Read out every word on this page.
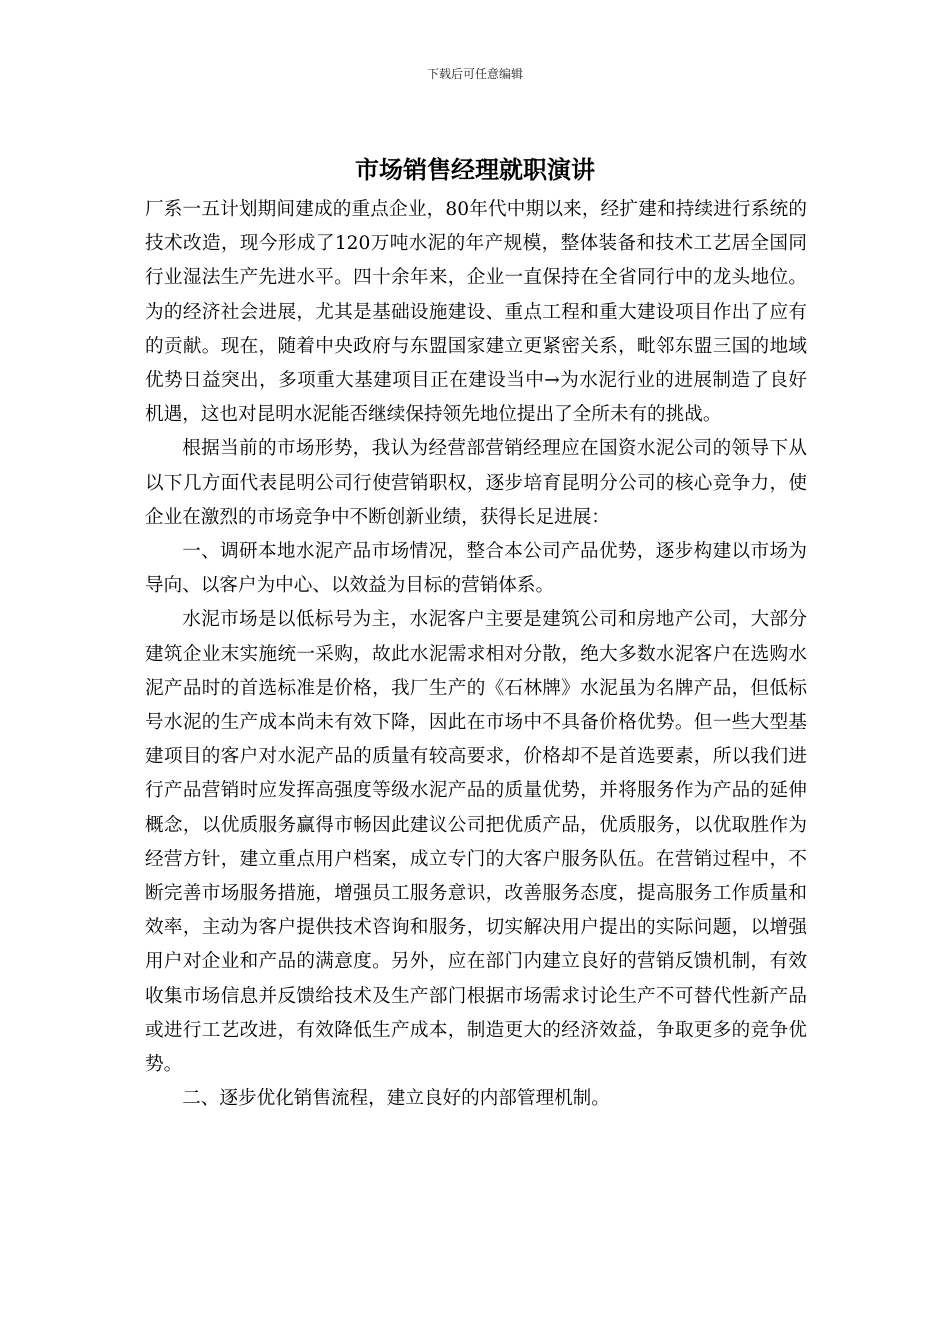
下载后可任意编辑
市场销售经理就职演讲

厂系一五计划期间建成的重点企业，80年代中期以来，经扩建和持续进行系统的技术改造，现今形成了120万吨水泥的年产规模，整体装备和技术工艺居全国同行业湿法生产先进水平。四十余年来，企业一直保持在全省同行中的龙头地位。为的经济社会进展，尤其是基础设施建设、重点工程和重大建设项目作出了应有的贡献。现在，随着中央政府与东盟国家建立更紧密关系，毗邻东盟三国的地域优势日益突出，多项重大基建项目正在建设当中→为水泥行业的进展制造了良好机遇，这也对昆明水泥能否继续保持领先地位提出了全所未有的挑战。

根据当前的市场形势，我认为经营部营销经理应在国资水泥公司的领导下从以下几方面代表昆明公司行使营销职权，逐步培育昆明分公司的核心竞争力，使企业在激烈的市场竞争中不断创新业绩，获得长足进展：

一、调研本地水泥产品市场情况，整合本公司产品优势，逐步构建以市场为导向、以客户为中心、以效益为目标的营销体系。

水泥市场是以低标号为主，水泥客户主要是建筑公司和房地产公司，大部分建筑企业末实施统一采购，故此水泥需求相对分散，绝大多数水泥客户在选购水泥产品时的首选标准是价格，我厂生产的《石林牌》水泥虽为名牌产品，但低标号水泥的生产成本尚未有效下降，因此在市场中不具备价格优势。但一些大型基建项目的客户对水泥产品的质量有较高要求，价格却不是首选要素，所以我们进行产品营销时应发挥高强度等级水泥产品的质量优势，并将服务作为产品的延伸概念，以优质服务赢得市畅因此建议公司把优质产品，优质服务，以优取胜作为经营方针，建立重点用户档案，成立专门的大客户服务队伍。在营销过程中，不断完善市场服务措施，增强员工服务意识，改善服务态度，提高服务工作质量和效率，主动为客户提供技术咨询和服务，切实解决用户提出的实际问题，以增强用户对企业和产品的满意度。另外，应在部门内建立良好的营销反馈机制，有效收集市场信息并反馈给技术及生产部门根据市场需求讨论生产不可替代性新产品或进行工艺改进，有效降低生产成本，制造更大的经济效益，争取更多的竞争优势。

二、逐步优化销售流程，建立良好的内部管理机制。
